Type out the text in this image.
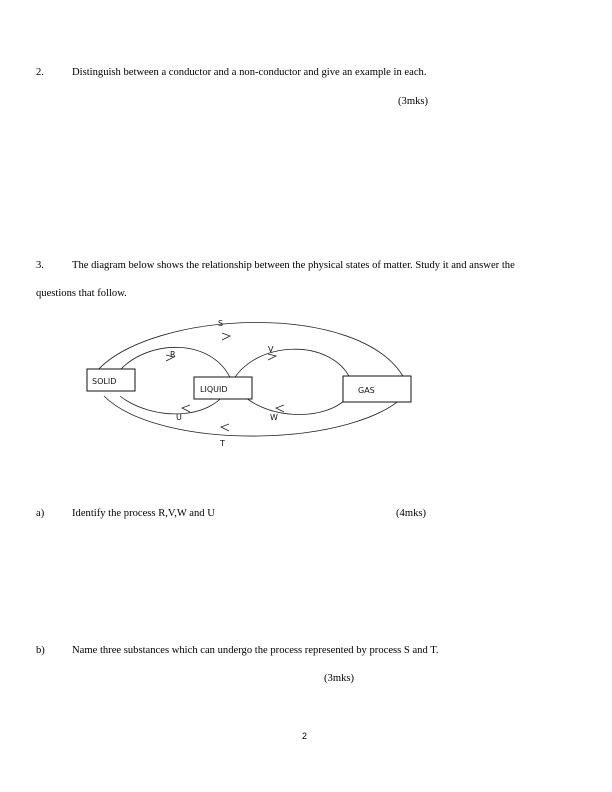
2.	Distinguish between a conductor and a non-conductor and give an example in each.
(3mks)
3.	The diagram below shows the relationship between the physical states of matter. Study it and answer the
questions that follow.
SOLID
LIQUID	GAS
S
R
V
U	W
T
a)	Identify the process R,V,W and U	(4mks)
b)	Name three substances which can undergo the process represented by process S and T.
(3mks)
2
